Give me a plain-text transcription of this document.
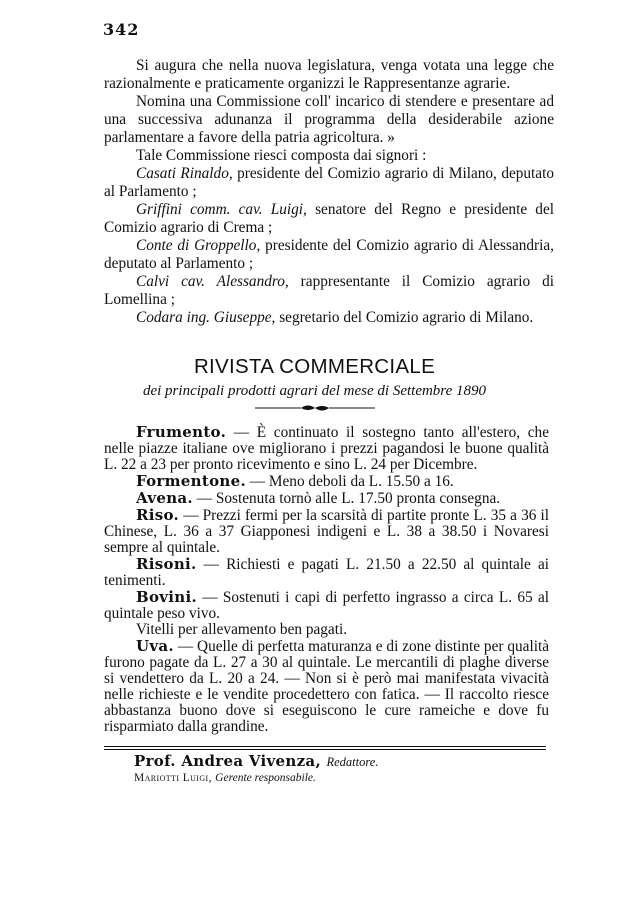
342
Si augura che nella nuova legislatura, venga votata una legge che razionalmente e praticamente organizzi le Rappresentanze agrarie.
Nomina una Commissione coll' incarico di stendere e presentare ad una successiva adunanza il programma della desiderabile azione parlamentare a favore della patria agricoltura. »
Tale Commissione riesci composta dai signori :
Casati Rinaldo, presidente del Comizio agrario di Milano, deputato al Parlamento ;
Griffini comm. cav. Luigi, senatore del Regno e presidente del Comizio agrario di Crema ;
Conte di Groppello, presidente del Comizio agrario di Alessandria, deputato al Parlamento ;
Calvi cav. Alessandro, rappresentante il Comizio agrario di Lomellina ;
Codara ing. Giuseppe, segretario del Comizio agrario di Milano.
RIVISTA COMMERCIALE
dei principali prodotti agrari del mese di Settembre 1890
Frumento. — È continuato il sostegno tanto all'estero, che nelle piazze italiane ove migliorano i prezzi pagandosi le buone qualità L. 22 a 23 per pronto ricevimento e sino L. 24 per Dicembre.
Formentone. — Meno deboli da L. 15.50 a 16.
Avena. — Sostenuta tornò alle L. 17.50 pronta consegna.
Riso. — Prezzi fermi per la scarsità di partite pronte L. 35 a 36 il Chinese, L. 36 a 37 Giapponesi indigeni e L. 38 a 38.50 i Novaresi sempre al quintale.
Risoni. — Richiesti e pagati L. 21.50 a 22.50 al quintale ai tenimenti.
Bovini. — Sostenuti i capi di perfetto ingrasso a circa L. 65 al quintale peso vivo.
Vitelli per allevamento ben pagati.
Uva. — Quelle di perfetta maturanza e di zone distinte per qualità furono pagate da L. 27 a 30 al quintale. Le mercantili di plaghe diverse si vendettero da L. 20 a 24. — Non si è però mai manifestata vivacità nelle richieste e le vendite procedettero con fatica. — Il raccolto riesce abbastanza buono dove si eseguiscono le cure rameiche e dove fu risparmiato dalla grandine.
Prof. Andrea Vivenza, Redattore.
Mariotti Luigi, Gerente responsabile.
